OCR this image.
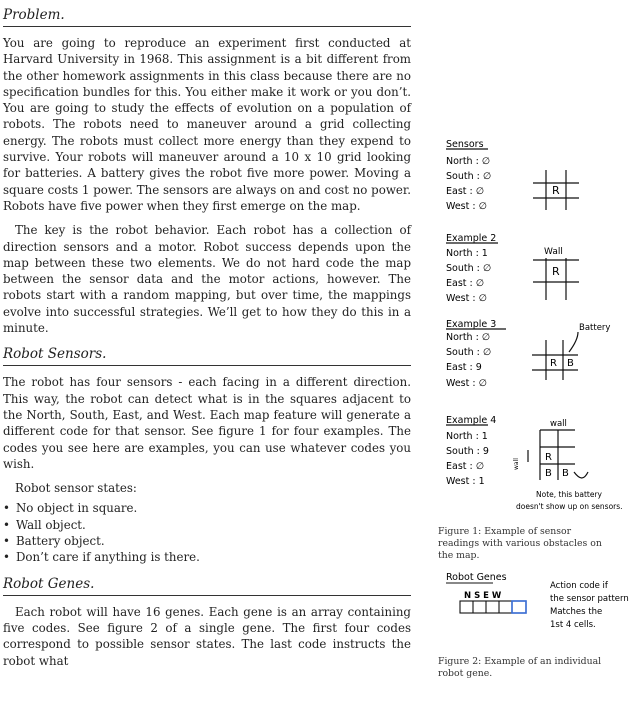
Problem.

You are going to reproduce an experiment first conducted at Harvard University in 1968. This assignment is a bit different from the other homework assignments in this class because there are no specification bundles for this. You either make it work or you don’t. You are going to study the effects of evolution on a population of robots. The robots need to maneuver around a grid collecting energy. The robots must collect more energy than they expend to survive. Your robots will maneuver around a 10 x 10 grid looking for batteries. A battery gives the robot five more power. Moving a square costs 1 power. The sensors are always on and cost no power. Robots have five power when they first emerge on the map.

The key is the robot behavior. Each robot has a collection of direction sensors and a motor. Robot success depends upon the map between these two elements. We do not hard code the map between the sensor data and the motor actions, however. The robots start with a random mapping, but over time, the mappings evolve into successful strategies. We’ll get to how they do this in a minute.

Robot Sensors.

The robot has four sensors - each facing in a different direction. This way, the robot can detect what is in the squares adjacent to the North, South, East, and West. Each map feature will generate a different code for that sensor. See figure 1 for four examples. The codes you see here are examples, you can use whatever codes you wish.

Robot sensor states:

• No object in square.
• Wall object.
• Battery object.
• Don’t care if anything is there.
Robot Genes.

Each robot will have 16 genes. Each gene is an array containing five codes. See figure 2 of a single gene. The first four codes correspond to possible sensor states. The last code instructs the robot what

Sensors
North : ∅
South : ∅
East : ∅
West : ∅
R
Example 2
North : 1
South : ∅
East : ∅
West : ∅
R
Wall
Example 3
North : ∅
South : ∅
East : 9
West : ∅
R B
Battery
Example 4
North : 1
South : 9
East : ∅
West : 1
R
B B
wall
wall
Note, this battery
doesn't show up on sensors.
Figure 1: Example of sensor readings with various obstacles on the map.
Robot Genes
N S E W
Action code if
the sensor pattern
Matches the
1st 4 cells.
Figure 2: Example of an individual robot gene.
